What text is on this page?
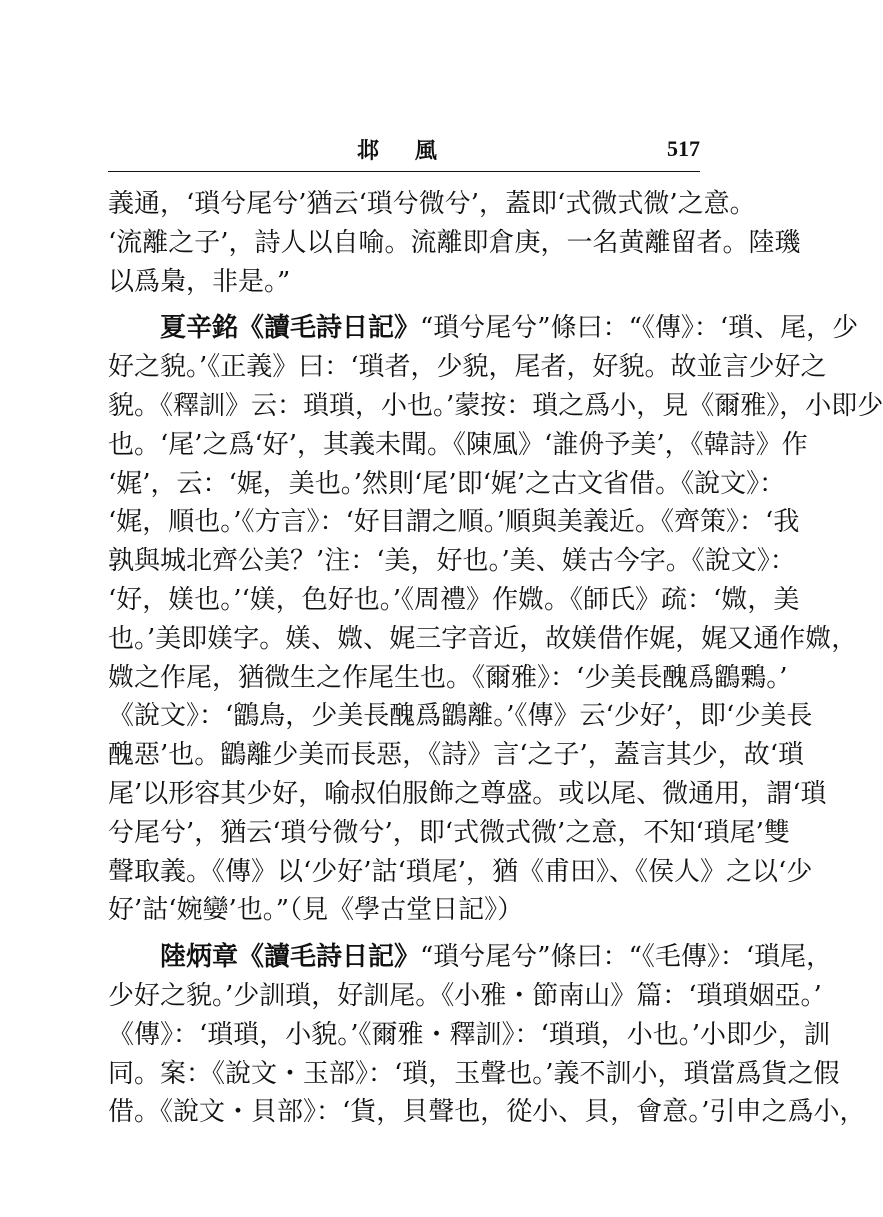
邶 風	517
義通，‘瑣兮尾兮’猶云‘瑣兮微兮’，蓋即‘式微式微’之意。
‘流離之子’，詩人以自喻。流離即倉庚，一名黄離留者。陸璣
以爲梟，非是。”
夏辛銘《讀毛詩日記》“瑣兮尾兮”條曰：“《傳》：‘瑣、尾，少
好之貌。’《正義》曰：‘瑣者，少貌，尾者，好貌。故並言少好之
貌。《釋訓》云：瑣瑣，小也。’蒙按：瑣之爲小，見《爾雅》，小即少
也。‘尾’之爲‘好’，其義未聞。《陳風》‘誰侜予美’，《韓詩》作
‘娓’，云：‘娓，美也。’然則‘尾’即‘娓’之古文省借。《說文》：
‘娓，順也。’《方言》：‘好目謂之順。’順與美義近。《齊策》：‘我
孰與城北齊公美？’注：‘美，好也。’美、媄古今字。《說文》：
‘好，媄也。’‘媄，色好也。’《周禮》作媺。《師氏》疏：‘媺，美
也。’美即媄字。媄、媺、娓三字音近，故媄借作娓，娓又通作媺，
媺之作尾，猶微生之作尾生也。《爾雅》：‘少美長醜爲鶹鷅。’
《說文》：‘鶹鳥，少美長醜爲鶹離。’《傳》云‘少好’，即‘少美長
醜惡’也。鶹離少美而長惡，《詩》言‘之子’，蓋言其少，故‘瑣
尾’以形容其少好，喻叔伯服飾之尊盛。或以尾、微通用，謂‘瑣
兮尾兮’，猶云‘瑣兮微兮’，即‘式微式微’之意，不知‘瑣尾’雙
聲取義。《傳》以‘少好’詁‘瑣尾’，猶《甫田》、《侯人》之以‘少
好’詁‘婉孌’也。”（見《學古堂日記》）
陸炳章《讀毛詩日記》“瑣兮尾兮”條曰：“《毛傳》：‘瑣尾，
少好之貌。’少訓瑣，好訓尾。《小雅・節南山》篇：‘瑣瑣姻亞。’
《傳》：‘瑣瑣，小貌。’《爾雅・釋訓》：‘瑣瑣，小也。’小即少，訓
同。案：《說文・玉部》：‘瑣，玉聲也。’義不訓小，瑣當爲貨之假
借。《說文・貝部》：‘貨，貝聲也，從小、貝，會意。’引申之爲小，
